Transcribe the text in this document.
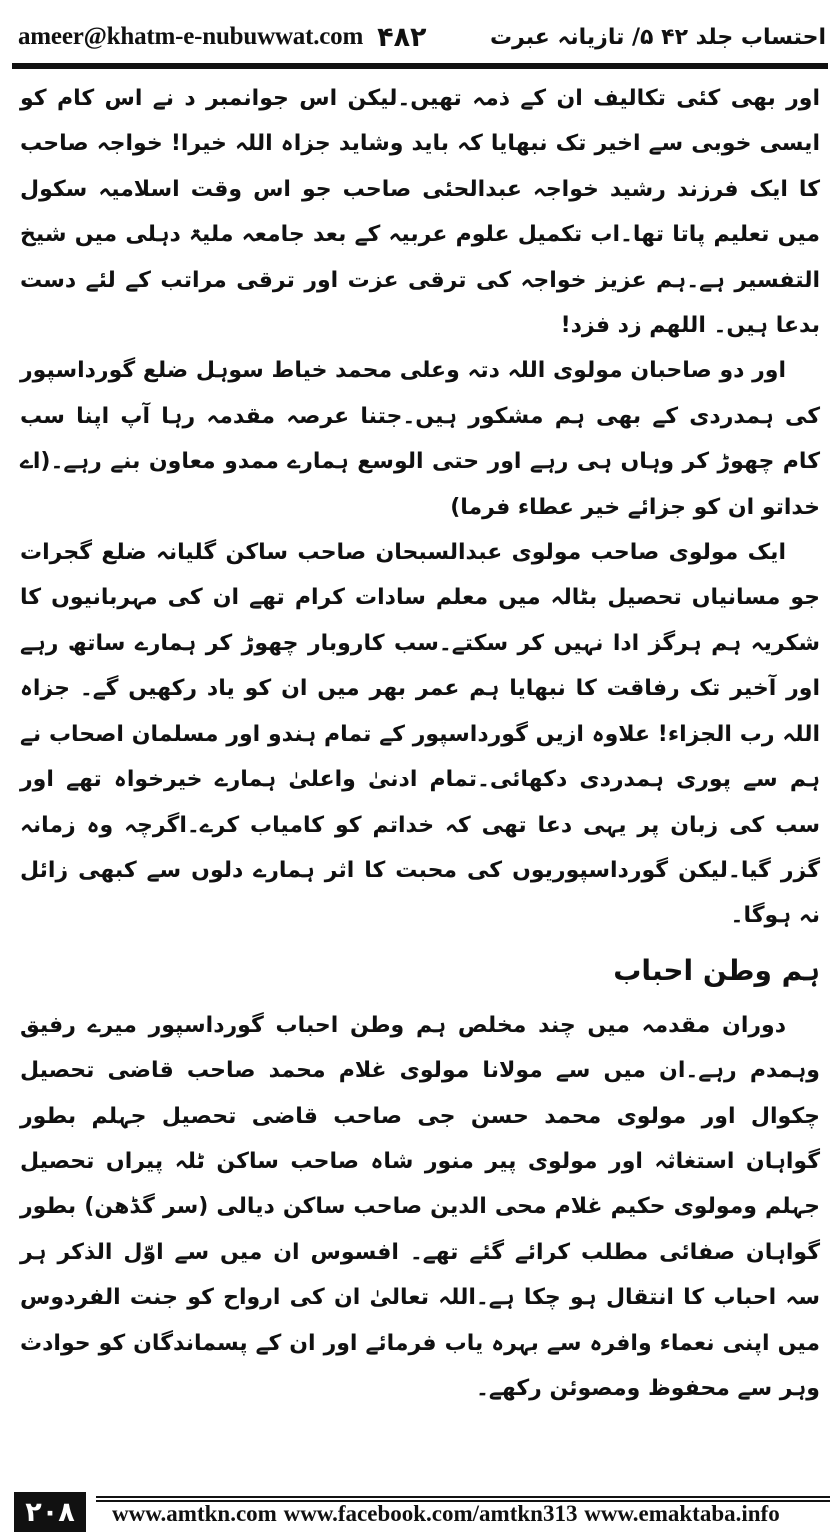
ameer@khatm-e-nubuwwat.com ۴۸۲	احتساب جلد ۴۲ ۵/ تازیانہ عبرت

اور بھی کئی تکالیف ان کے ذمہ تھیں۔لیکن اس جوانمبر د نے اس کام کو ایسی خوبی سے اخیر تک نبھایا کہ باید وشاید جزاہ اللہ خیرا! خواجہ صاحب کا ایک فرزند رشید خواجہ عبدالحئی صاحب جو اس وقت اسلامیہ سکول میں تعلیم پاتا تھا۔اب تکمیل علوم عربیہ کے بعد جامعہ ملیۃ دہلی میں شیخ التفسیر ہے۔ہم عزیز خواجہ کی ترقی عزت اور ترقی مراتب کے لئے دست بدعا ہیں۔ اللھم زد فزد!

اور دو صاحبان مولوی اللہ دتہ وعلی محمد خیاط سوہل ضلع گورداسپور کی ہمدردی کے بھی ہم مشکور ہیں۔جتنا عرصہ مقدمہ رہا آپ اپنا سب کام چھوڑ کر وہاں ہی رہے اور حتی الوسع ہمارے ممدو معاون بنے رہے۔(اے خداتو ان کو جزائے خیر عطاء فرما)

ایک مولوی صاحب مولوی عبدالسبحان صاحب ساکن گلیانہ ضلع گجرات جو مسانیاں تحصیل بٹالہ میں معلم سادات کرام تھے ان کی مہربانیوں کا شکریہ ہم ہرگز ادا نہیں کر سکتے۔سب کاروبار چھوڑ کر ہمارے ساتھ رہے اور آخیر تک رفاقت کا نبھایا ہم عمر بھر میں ان کو یاد رکھیں گے۔ جزاہ اللہ رب الجزاء! علاوہ ازیں گورداسپور کے تمام ہندو اور مسلمان اصحاب نے ہم سے پوری ہمدردی دکھائی۔تمام ادنیٰ واعلیٰ ہمارے خیرخواہ تھے اور سب کی زبان پر یہی دعا تھی کہ خداتم کو کامیاب کرے۔اگرچہ وہ زمانہ گزر گیا۔لیکن گورداسپوریوں کی محبت کا اثر ہمارے دلوں سے کبھی زائل نہ ہوگا۔

ہم وطن احباب

دوران مقدمہ میں چند مخلص ہم وطن احباب گورداسپور میرے رفیق وہمدم رہے۔ان میں سے مولانا مولوی غلام محمد صاحب قاضی تحصیل چکوال اور مولوی محمد حسن جی صاحب قاضی تحصیل جہلم بطور گواہان استغاثہ اور مولوی پیر منور شاہ صاحب ساکن ٹلہ پیراں تحصیل جہلم ومولوی حکیم غلام محی الدین صاحب ساکن دیالی (سر گڈھن) بطور گواہان صفائی مطلب کرائے گئے تھے۔ افسوس ان میں سے اوّل الذکر ہر سہ احباب کا انتقال ہو چکا ہے۔اللہ تعالیٰ ان کی ارواح کو جنت الفردوس میں اپنی نعماء وافرہ سے بہرہ یاب فرمائے اور ان کے پسماندگان کو حوادث وہر سے محفوظ ومصوئن رکھے۔

۲۰۸	www.amtkn.com www.facebook.com/amtkn313 www.emaktaba.info
